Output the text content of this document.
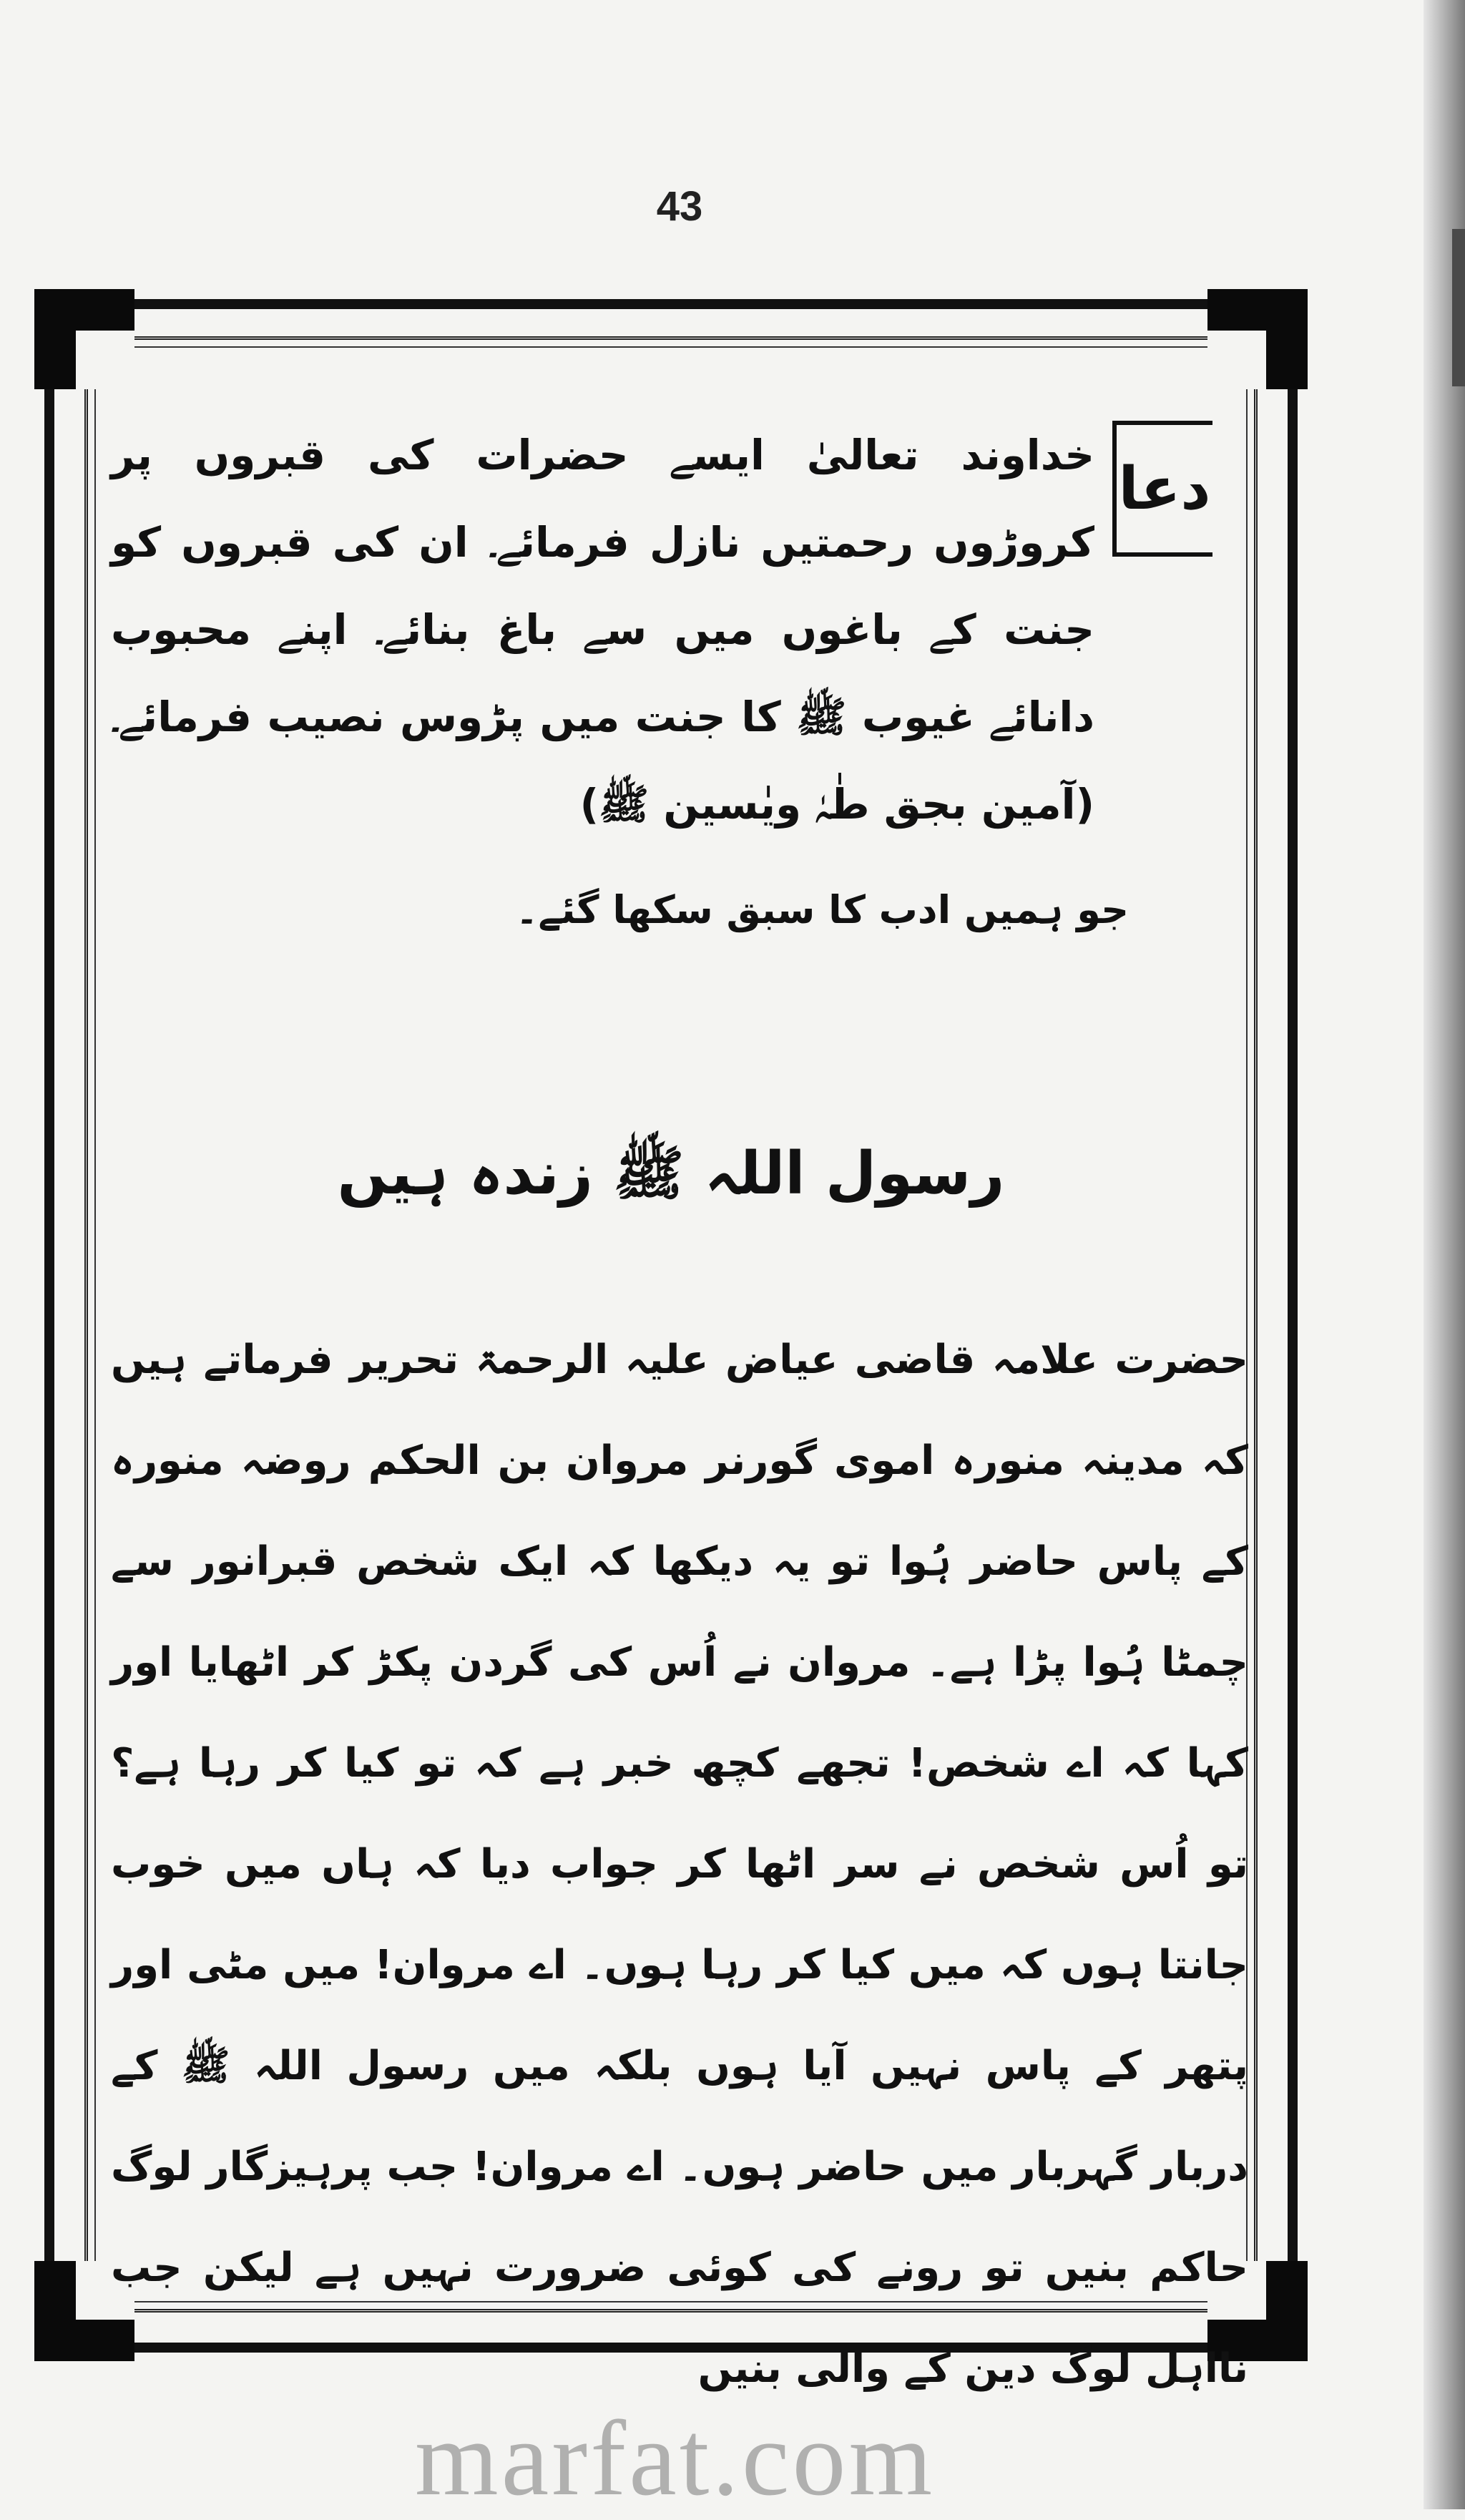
43
دعا

خداوند تعالیٰ ایسے حضرات کی قبروں پر کروڑوں رحمتیں نازل فرمائے۔ ان کی قبروں کو جنت کے باغوں میں سے باغ بنائے۔ اپنے محبوب دانائے غیوب ﷺ کا جنت میں پڑوس نصیب فرمائے۔ (آمین بجق طٰہٰ ویٰسین ﷺ)

جو ہمیں ادب کا سبق سکھا گئے۔
رسول اللہ ﷺ زندہ ہیں

حضرت علامہ قاضی عیاض علیہ الرحمۃ تحریر فرماتے ہیں کہ مدینہ منورہ اموی گورنر مروان بن الحکم روضہ منورہ کے پاس حاضر ہُوا تو یہ دیکھا کہ ایک شخص قبرانور سے چمٹا ہُوا پڑا ہے۔ مروان نے اُس کی گردن پکڑ کر اٹھایا اور کہا کہ اے شخص! تجھے کچھ خبر ہے کہ تو کیا کر رہا ہے؟ تو اُس شخص نے سر اٹھا کر جواب دیا کہ ہاں میں خوب جانتا ہوں کہ میں کیا کر رہا ہوں۔ اے مروان! میں مٹی اور پتھر کے پاس نہیں آیا ہوں بلکہ میں رسول اللہ ﷺ کے دربار گہربار میں حاضر ہوں۔ اے مروان! جب پرہیزگار لوگ حاکم بنیں تو رونے کی کوئی ضرورت نہیں ہے لیکن جب نااہل لوگ دین کے والی بنیں

marfat.com
